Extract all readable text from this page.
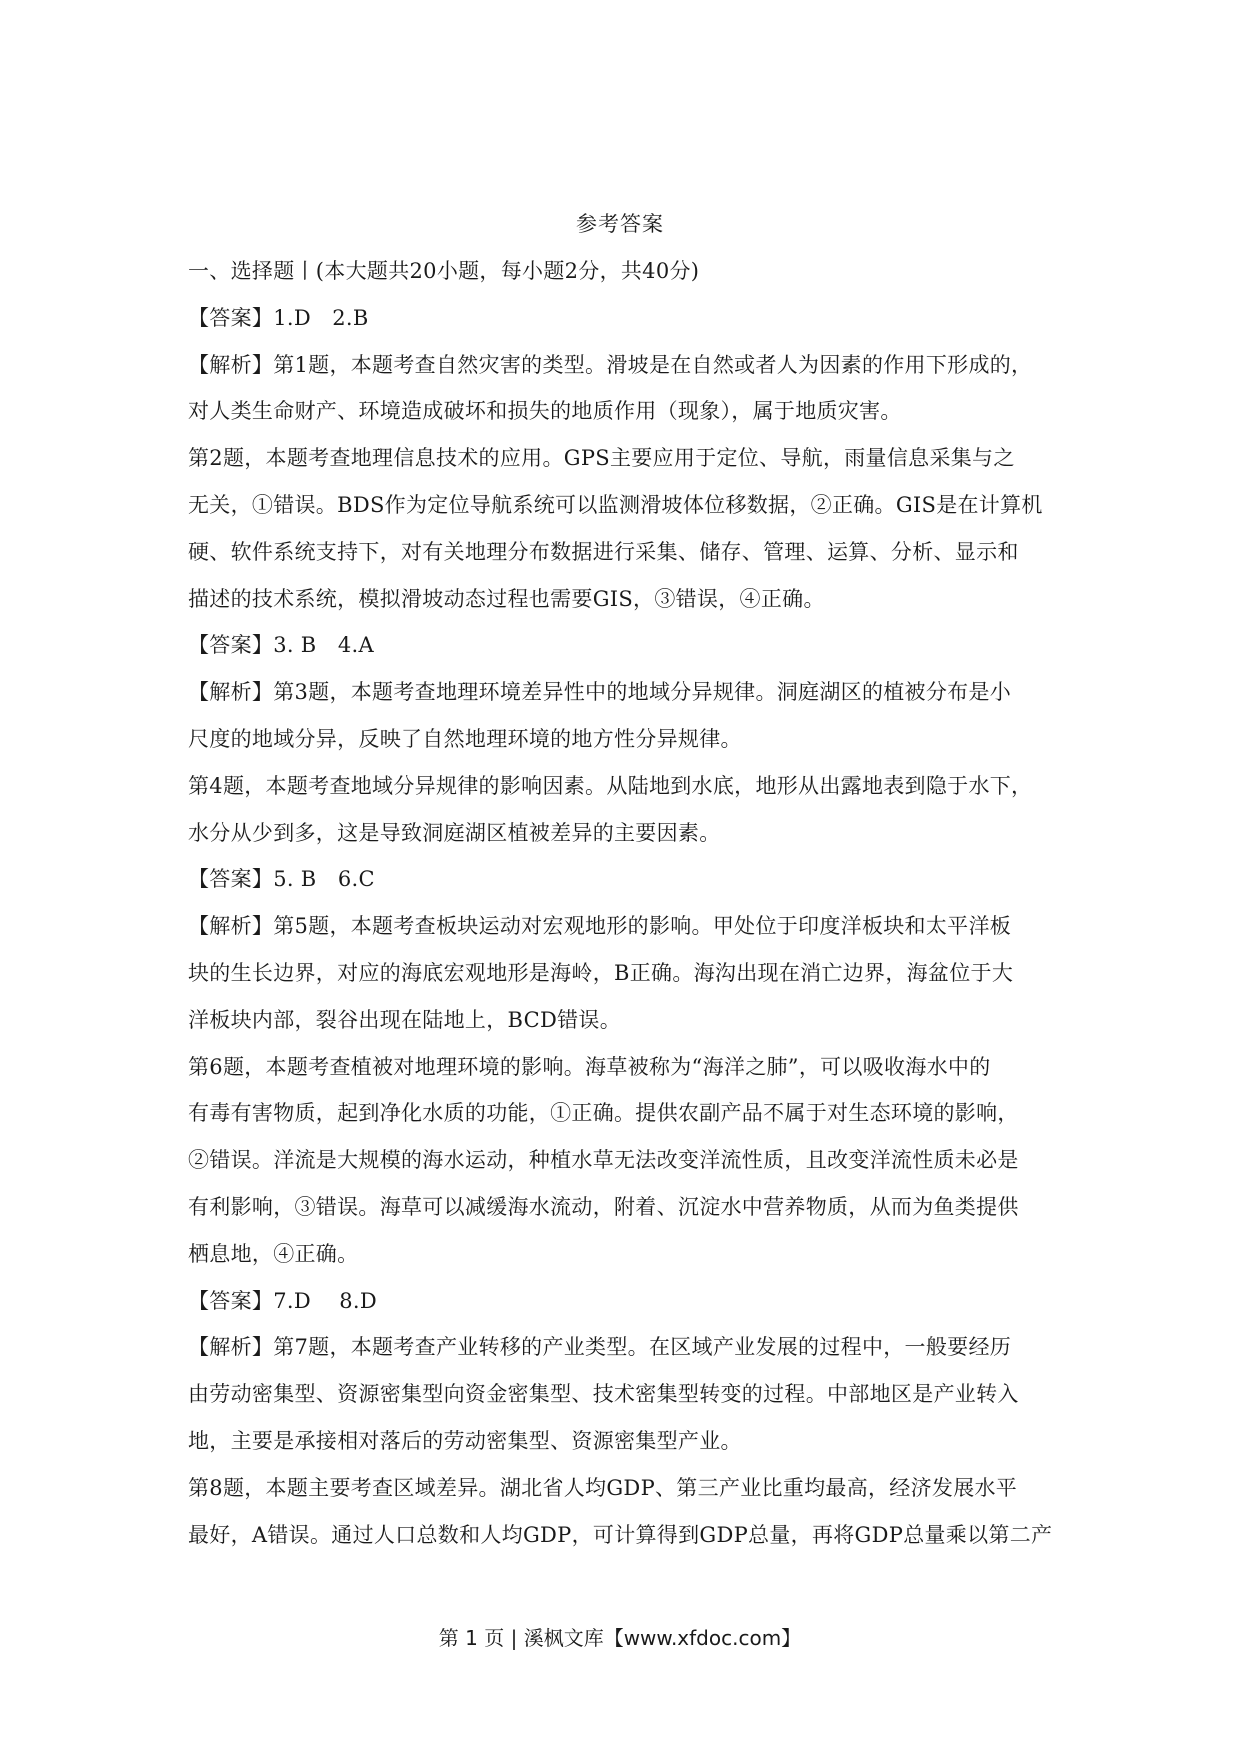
参考答案
一、选择题丨(本大题共20小题，每小题2分，共40分)
【答案】1.D　2.B
【解析】第1题，本题考查自然灾害的类型。滑坡是在自然或者人为因素的作用下形成的，
对人类生命财产、环境造成破坏和损失的地质作用（现象），属于地质灾害。
第2题，本题考查地理信息技术的应用。GPS主要应用于定位、导航，雨量信息采集与之
无关，①错误。BDS作为定位导航系统可以监测滑坡体位移数据，②正确。GIS是在计算机
硬、软件系统支持下，对有关地理分布数据进行采集、储存、管理、运算、分析、显示和
描述的技术系统，模拟滑坡动态过程也需要GIS，③错误，④正确。
【答案】3. B　4.A
【解析】第3题，本题考查地理环境差异性中的地域分异规律。洞庭湖区的植被分布是小
尺度的地域分异，反映了自然地理环境的地方性分异规律。
第4题，本题考查地域分异规律的影响因素。从陆地到水底，地形从出露地表到隐于水下，
水分从少到多，这是导致洞庭湖区植被差异的主要因素。
【答案】5. B　6.C
【解析】第5题，本题考查板块运动对宏观地形的影响。甲处位于印度洋板块和太平洋板
块的生长边界，对应的海底宏观地形是海岭，B正确。海沟出现在消亡边界，海盆位于大
洋板块内部，裂谷出现在陆地上，BCD错误。
第6题，本题考查植被对地理环境的影响。海草被称为“海洋之肺”，可以吸收海水中的
有毒有害物质，起到净化水质的功能，①正确。提供农副产品不属于对生态环境的影响，
②错误。洋流是大规模的海水运动，种植水草无法改变洋流性质，且改变洋流性质未必是
有利影响，③错误。海草可以减缓海水流动，附着、沉淀水中营养物质，从而为鱼类提供
栖息地，④正确。
【答案】7.D　 8.D
【解析】第7题，本题考查产业转移的产业类型。在区域产业发展的过程中，一般要经历
由劳动密集型、资源密集型向资金密集型、技术密集型转变的过程。中部地区是产业转入
地，主要是承接相对落后的劳动密集型、资源密集型产业。
第8题，本题主要考查区域差异。湖北省人均GDP、第三产业比重均最高，经济发展水平
最好，A错误。通过人口总数和人均GDP，可计算得到GDP总量，再将GDP总量乘以第二产
第 1 页 | 溪枫文库【www.xfdoc.com】
